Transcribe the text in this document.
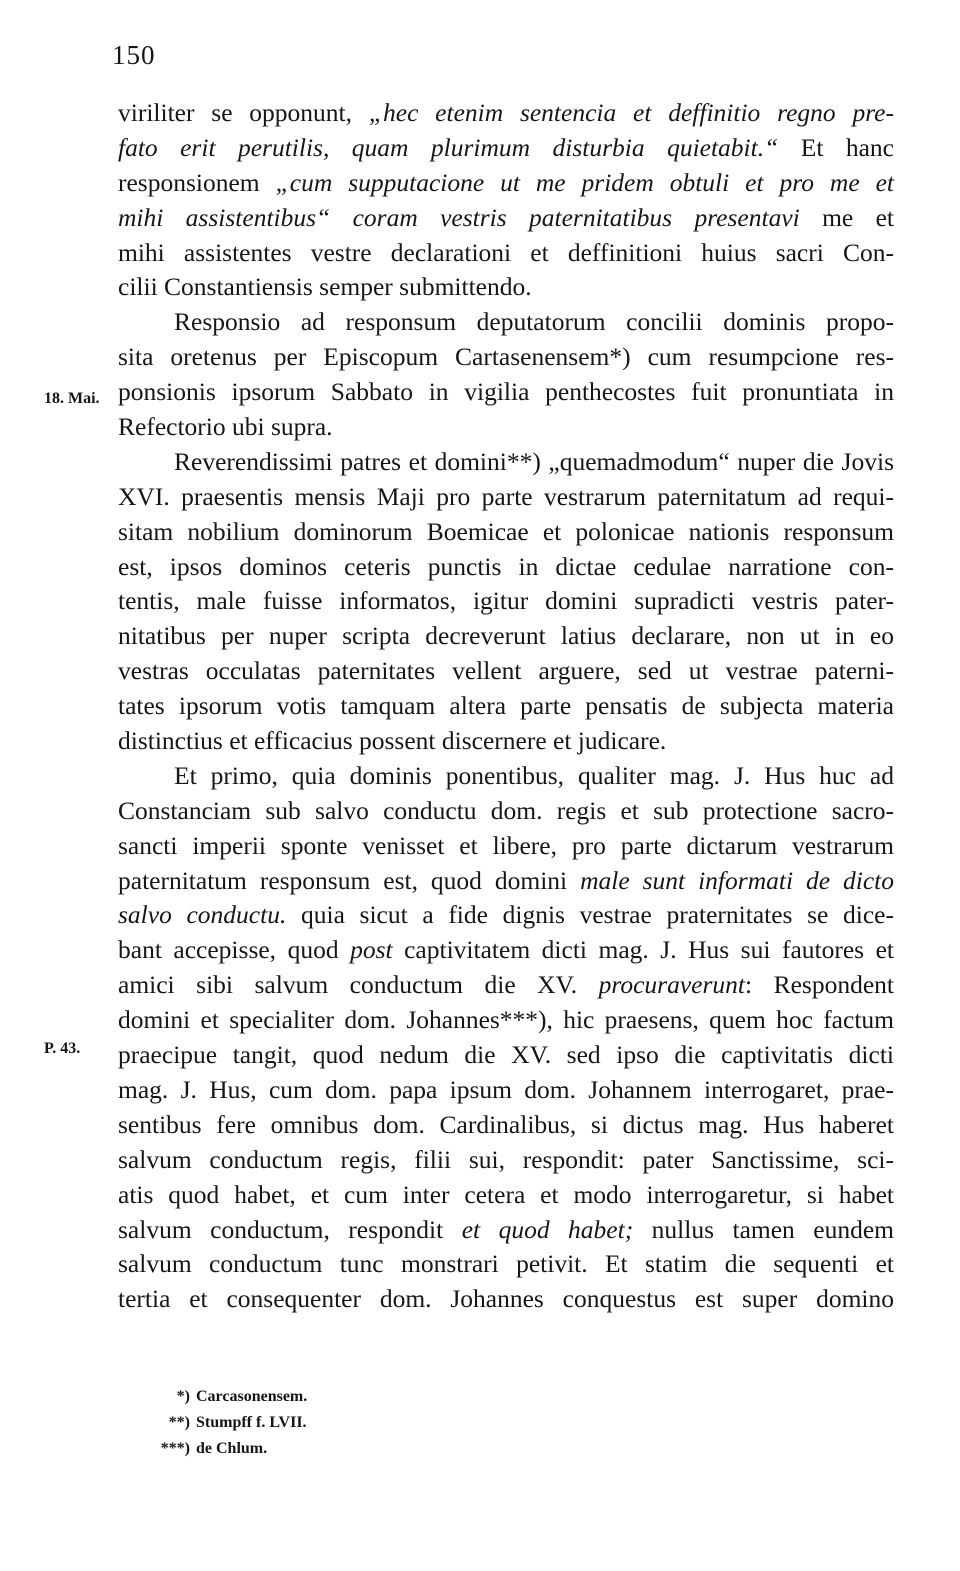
150
18. Mai.
P. 43.
viriliter se opponunt, „hec etenim sentencia et deffinitio regno pre-
fato erit perutilis, quam plurimum disturbia quietabit.“ Et hanc
responsionem „cum supputacione ut me pridem obtuli et pro me et
mihi assistentibus“ coram vestris paternitatibus presentavi me et
mihi assistentes vestre declarationi et deffinitioni huius sacri Con-
cilii Constantiensis semper submittendo.
Responsio ad responsum deputatorum concilii dominis propo-
sita oretenus per Episcopum Cartasenensem*) cum resumpcione res-
ponsionis ipsorum Sabbato in vigilia penthecostes fuit pronuntiata in
Refectorio ubi supra.
Reverendissimi patres et domini**) „quemadmodum“ nuper die Jovis
XVI. praesentis mensis Maji pro parte vestrarum paternitatum ad requi-
sitam nobilium dominorum Boemicae et polonicae nationis responsum
est, ipsos dominos ceteris punctis in dictae cedulae narratione con-
tentis, male fuisse informatos, igitur domini supradicti vestris pater-
nitatibus per nuper scripta decreverunt latius declarare, non ut in eo
vestras occulatas paternitates vellent arguere, sed ut vestrae paterni-
tates ipsorum votis tamquam altera parte pensatis de subjecta materia
distinctius et efficacius possent discernere et judicare.
Et primo, quia dominis ponentibus, qualiter mag. J. Hus huc ad
Constanciam sub salvo conductu dom. regis et sub protectione sacro-
sancti imperii sponte venisset et libere, pro parte dictarum vestrarum
paternitatum responsum est, quod domini male sunt informati de dicto
salvo conductu. quia sicut a fide dignis vestrae praternitates se dice-
bant accepisse, quod post captivitatem dicti mag. J. Hus sui fautores et
amici sibi salvum conductum die XV. procuraverunt: Respondent
domini et specialiter dom. Johannes***), hic praesens, quem hoc factum
praecipue tangit, quod nedum die XV. sed ipso die captivitatis dicti
mag. J. Hus, cum dom. papa ipsum dom. Johannem interrogaret, prae-
sentibus fere omnibus dom. Cardinalibus, si dictus mag. Hus haberet
salvum conductum regis, filii sui, respondit: pater Sanctissime, sci-
atis quod habet, et cum inter cetera et modo interrogaretur, si habet
salvum conductum, respondit et quod habet; nullus tamen eundem
salvum conductum tunc monstrari petivit. Et statim die sequenti et
tertia et consequenter dom. Johannes conquestus est super domino
*) Carcasonensem.
**) Stumpff f. LVII.
***) de Chlum.
